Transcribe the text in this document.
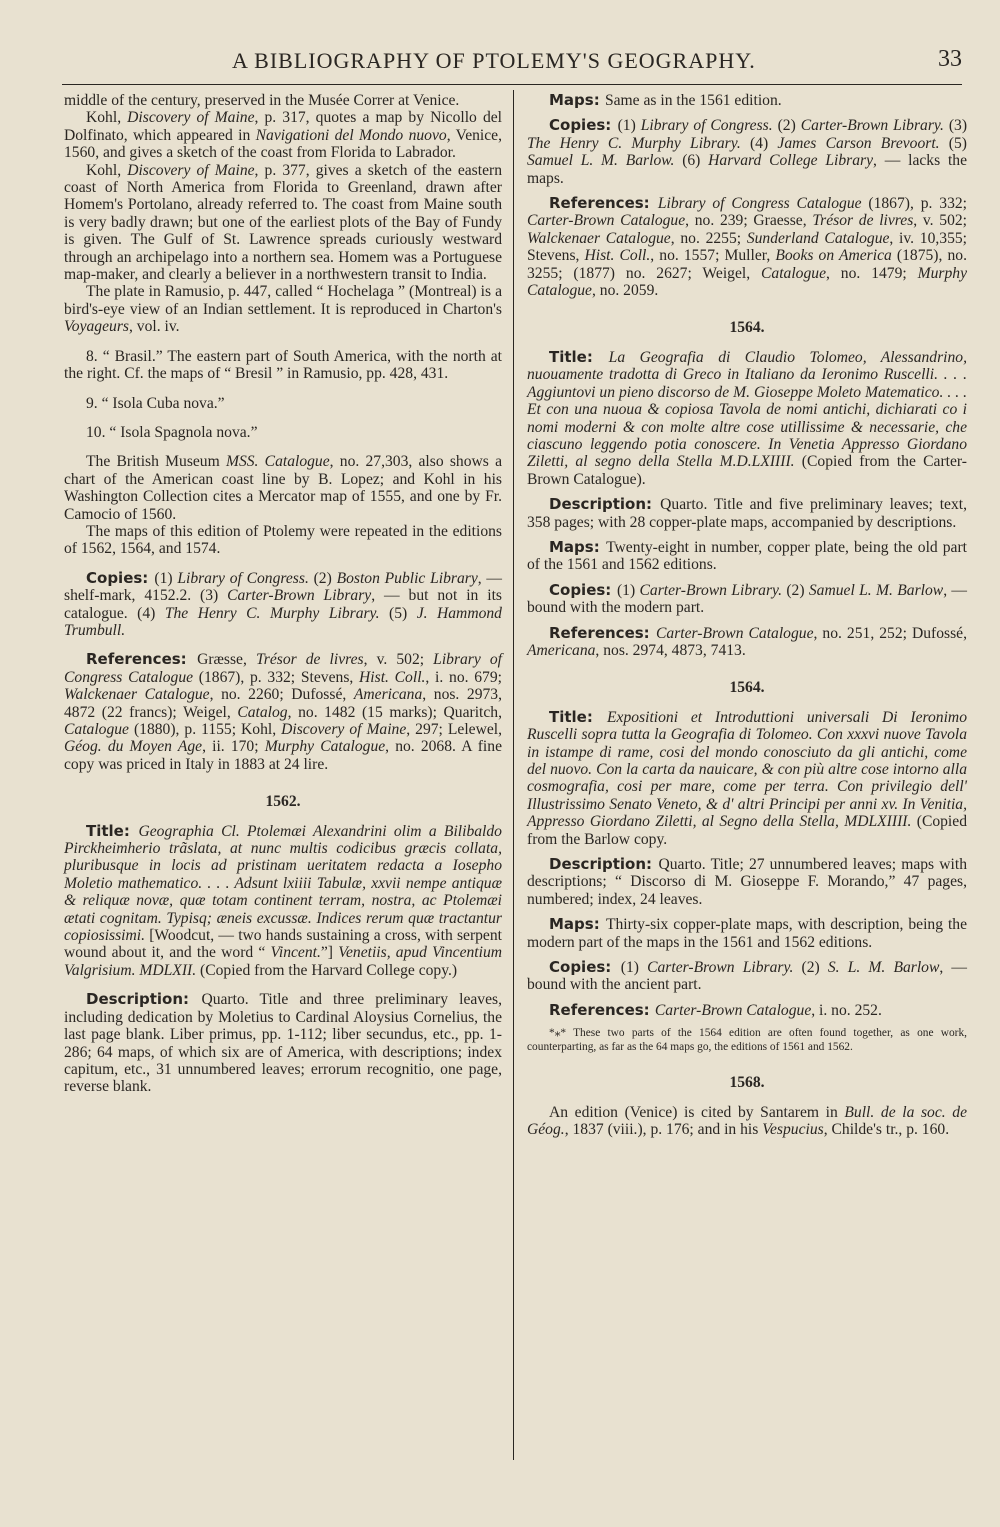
A BIBLIOGRAPHY OF PTOLEMY'S GEOGRAPHY.	33

middle of the century, preserved in the Musée Correr at Venice.

Kohl, Discovery of Maine, p. 317, quotes a map by Nicollo del Dolfinato, which appeared in Navigationi del Mondo nuovo, Venice, 1560, and gives a sketch of the coast from Florida to Labrador.

Kohl, Discovery of Maine, p. 377, gives a sketch of the eastern coast of North America from Florida to Greenland, drawn after Homem's Portolano, already referred to. The coast from Maine south is very badly drawn; but one of the earliest plots of the Bay of Fundy is given. The Gulf of St. Lawrence spreads curiously westward through an archipelago into a northern sea. Homem was a Portuguese map-maker, and clearly a believer in a northwestern transit to India.

The plate in Ramusio, p. 447, called “ Hochelaga ” (Montreal) is a bird's-eye view of an Indian settlement. It is reproduced in Charton's Voyageurs, vol. iv.

8. “ Brasil.” The eastern part of South America, with the north at the right. Cf. the maps of “ Bresil ” in Ramusio, pp. 428, 431.

9. “ Isola Cuba nova.”

10. “ Isola Spagnola nova.”

The British Museum MSS. Catalogue, no. 27,303, also shows a chart of the American coast line by B. Lopez; and Kohl in his Washington Collection cites a Mercator map of 1555, and one by Fr. Camocio of 1560.

The maps of this edition of Ptolemy were repeated in the editions of 1562, 1564, and 1574.

Copies: (1) Library of Congress. (2) Boston Public Library, — shelf-mark, 4152.2. (3) Carter-Brown Library, — but not in its catalogue. (4) The Henry C. Murphy Library. (5) J. Hammond Trumbull.

References: Græsse, Trésor de livres, v. 502; Library of Congress Catalogue (1867), p. 332; Stevens, Hist. Coll., i. no. 679; Walckenaer Catalogue, no. 2260; Dufossé, Americana, nos. 2973, 4872 (22 francs); Weigel, Catalog, no. 1482 (15 marks); Quaritch, Catalogue (1880), p. 1155; Kohl, Discovery of Maine, 297; Lelewel, Géog. du Moyen Age, ii. 170; Murphy Catalogue, no. 2068. A fine copy was priced in Italy in 1883 at 24 lire.

1562.

Title: Geographia Cl. Ptolemæi Alexandrini olim a Bilibaldo Pirckheimherio trãslata, at nunc multis codicibus græcis collata, pluribusque in locis ad pristinam ueritatem redacta a Iosepho Moletio mathematico. . . . Adsunt lxiiii Tabulæ, xxvii nempe antiquæ & reliquæ novæ, quæ totam continent terram, nostra, ac Ptolemæi ætati cognitam. Typisq; æneis excussæ. Indices rerum quæ tractantur copiosissimi. [Woodcut, — two hands sustaining a cross, with serpent wound about it, and the word “ Vincent.”] Venetiis, apud Vincentium Valgrisium. MDLXII. (Copied from the Harvard College copy.)

Description: Quarto. Title and three preliminary leaves, including dedication by Moletius to Cardinal Aloysius Cornelius, the last page blank. Liber primus, pp. 1-112; liber secundus, etc., pp. 1-286; 64 maps, of which six are of America, with descriptions; index capitum, etc., 31 unnumbered leaves; errorum recognitio, one page, reverse blank.

Maps: Same as in the 1561 edition.

Copies: (1) Library of Congress. (2) Carter-Brown Library. (3) The Henry C. Murphy Library. (4) James Carson Brevoort. (5) Samuel L. M. Barlow. (6) Harvard College Library, — lacks the maps.

References: Library of Congress Catalogue (1867), p. 332; Carter-Brown Catalogue, no. 239; Graesse, Trésor de livres, v. 502; Walckenaer Catalogue, no. 2255; Sunderland Catalogue, iv. 10,355; Stevens, Hist. Coll., no. 1557; Muller, Books on America (1875), no. 3255; (1877) no. 2627; Weigel, Catalogue, no. 1479; Murphy Catalogue, no. 2059.

1564.

Title: La Geografia di Claudio Tolomeo, Alessandrino, nuouamente tradotta di Greco in Italiano da Ieronimo Ruscelli. . . . Aggiuntovi un pieno discorso de M. Gioseppe Moleto Matematico. . . . Et con una nuoua & copiosa Tavola de nomi antichi, dichiarati co i nomi moderni & con molte altre cose utillissime & necessarie, che ciascuno leggendo potia conoscere. In Venetia Appresso Giordano Ziletti, al segno della Stella M.D.LXIIII. (Copied from the Carter-Brown Catalogue).

Description: Quarto. Title and five preliminary leaves; text, 358 pages; with 28 copper-plate maps, accompanied by descriptions.

Maps: Twenty-eight in number, copper plate, being the old part of the 1561 and 1562 editions.

Copies: (1) Carter-Brown Library. (2) Samuel L. M. Barlow, — bound with the modern part.

References: Carter-Brown Catalogue, no. 251, 252; Dufossé, Americana, nos. 2974, 4873, 7413.

1564.

Title: Expositioni et Introduttioni universali Di Ieronimo Ruscelli sopra tutta la Geografia di Tolomeo. Con xxxvi nuove Tavola in istampe di rame, cosi del mondo conosciuto da gli antichi, come del nuovo. Con la carta da nauicare, & con più altre cose intorno alla cosmografia, cosi per mare, come per terra. Con privilegio dell' Illustrissimo Senato Veneto, & d' altri Principi per anni xv. In Venitia, Appresso Giordano Ziletti, al Segno della Stella, MDLXIIII. (Copied from the Barlow copy.

Description: Quarto. Title; 27 unnumbered leaves; maps with descriptions; “ Discorso di M. Gioseppe F. Morando,” 47 pages, numbered; index, 24 leaves.

Maps: Thirty-six copper-plate maps, with description, being the modern part of the maps in the 1561 and 1562 editions.

Copies: (1) Carter-Brown Library. (2) S. L. M. Barlow, — bound with the ancient part.

References: Carter-Brown Catalogue, i. no. 252.

*⁎* These two parts of the 1564 edition are often found together, as one work, counterparting, as far as the 64 maps go, the editions of 1561 and 1562.

1568.

An edition (Venice) is cited by Santarem in Bull. de la soc. de Géog., 1837 (viii.), p. 176; and in his Vespucius, Childe's tr., p. 160.
